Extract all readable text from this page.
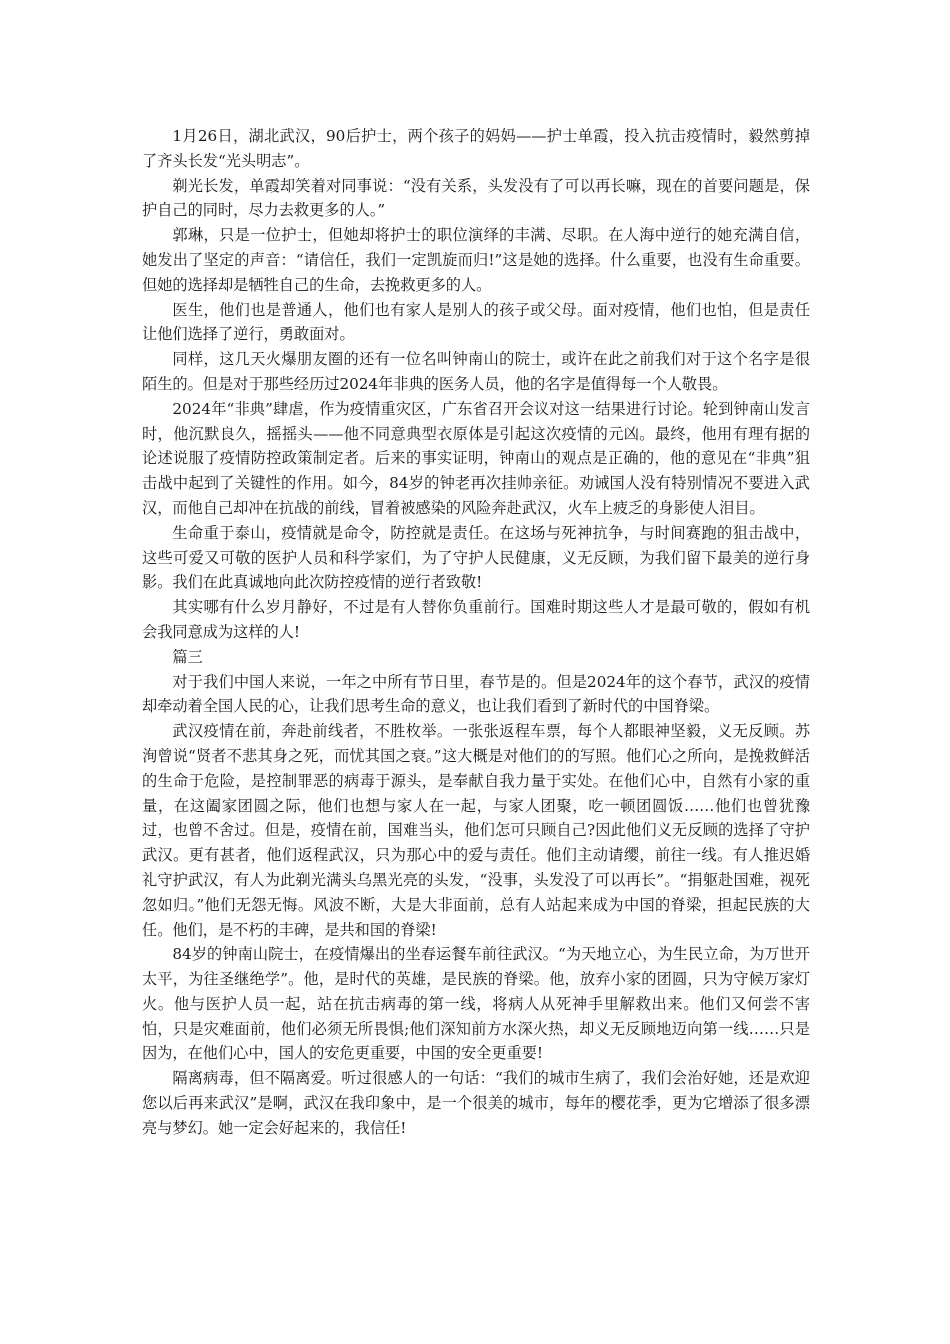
1月26日，湖北武汉，90后护士，两个孩子的妈妈——护士单霞，投入抗击疫情时，毅然剪掉了齐头长发“光头明志”。

剃光长发，单霞却笑着对同事说：“没有关系，头发没有了可以再长嘛，现在的首要问题是，保护自己的同时，尽力去救更多的人。”

郭琳，只是一位护士，但她却将护士的职位演绎的丰满、尽职。在人海中逆行的她充满自信，她发出了坚定的声音：“请信任，我们一定凯旋而归!”这是她的选择。什么重要，也没有生命重要。但她的选择却是牺牲自己的生命，去挽救更多的人。

医生，他们也是普通人，他们也有家人是别人的孩子或父母。面对疫情，他们也怕，但是责任让他们选择了逆行，勇敢面对。

同样，这几天火爆朋友圈的还有一位名叫钟南山的院士，或许在此之前我们对于这个名字是很陌生的。但是对于那些经历过2024年非典的医务人员，他的名字是值得每一个人敬畏。

2024年“非典”肆虐，作为疫情重灾区，广东省召开会议对这一结果进行讨论。轮到钟南山发言时，他沉默良久，摇摇头——他不同意典型衣原体是引起这次疫情的元凶。最终，他用有理有据的论述说服了疫情防控政策制定者。后来的事实证明，钟南山的观点是正确的，他的意见在“非典”狙击战中起到了关键性的作用。如今，84岁的钟老再次挂帅亲征。劝诫国人没有特别情况不要进入武汉，而他自己却冲在抗战的前线，冒着被感染的风险奔赴武汉，火车上疲乏的身影使人泪目。

生命重于泰山，疫情就是命令，防控就是责任。在这场与死神抗争，与时间赛跑的狙击战中，这些可爱又可敬的医护人员和科学家们，为了守护人民健康，义无反顾，为我们留下最美的逆行身影。我们在此真诚地向此次防控疫情的逆行者致敬!

其实哪有什么岁月静好，不过是有人替你负重前行。国难时期这些人才是最可敬的，假如有机会我同意成为这样的人!

篇三

对于我们中国人来说，一年之中所有节日里，春节是的。但是2024年的这个春节，武汉的疫情却牵动着全国人民的心，让我们思考生命的意义，也让我们看到了新时代的中国脊梁。

武汉疫情在前，奔赴前线者，不胜枚举。一张张返程车票，每个人都眼神坚毅，义无反顾。苏洵曾说“贤者不悲其身之死，而忧其国之衰。”这大概是对他们的的写照。他们心之所向，是挽救鲜活的生命于危险，是控制罪恶的病毒于源头，是奉献自我力量于实处。在他们心中，自然有小家的重量，在这阖家团圆之际，他们也想与家人在一起，与家人团聚，吃一顿团圆饭……他们也曾犹豫过，也曾不舍过。但是，疫情在前，国难当头，他们怎可只顾自己?因此他们义无反顾的选择了守护武汉。更有甚者，他们返程武汉，只为那心中的爱与责任。他们主动请缨，前往一线。有人推迟婚礼守护武汉，有人为此剃光满头乌黑光亮的头发，“没事，头发没了可以再长”。“捐躯赴国难，视死忽如归。”他们无怨无悔。风波不断，大是大非面前，总有人站起来成为中国的脊梁，担起民族的大任。他们，是不朽的丰碑，是共和国的脊梁!

84岁的钟南山院士，在疫情爆出的坐春运餐车前往武汉。“为天地立心，为生民立命，为万世开太平，为往圣继绝学”。他，是时代的英雄，是民族的脊梁。他，放弃小家的团圆，只为守候万家灯火。他与医护人员一起，站在抗击病毒的第一线，将病人从死神手里解救出来。他们又何尝不害怕，只是灾难面前，他们必须无所畏惧;他们深知前方水深火热，却义无反顾地迈向第一线……只是因为，在他们心中，国人的安危更重要，中国的安全更重要!

隔离病毒，但不隔离爱。听过很感人的一句话：“我们的城市生病了，我们会治好她，还是欢迎您以后再来武汉”是啊，武汉在我印象中，是一个很美的城市，每年的樱花季，更为它增添了很多漂亮与梦幻。她一定会好起来的，我信任!
